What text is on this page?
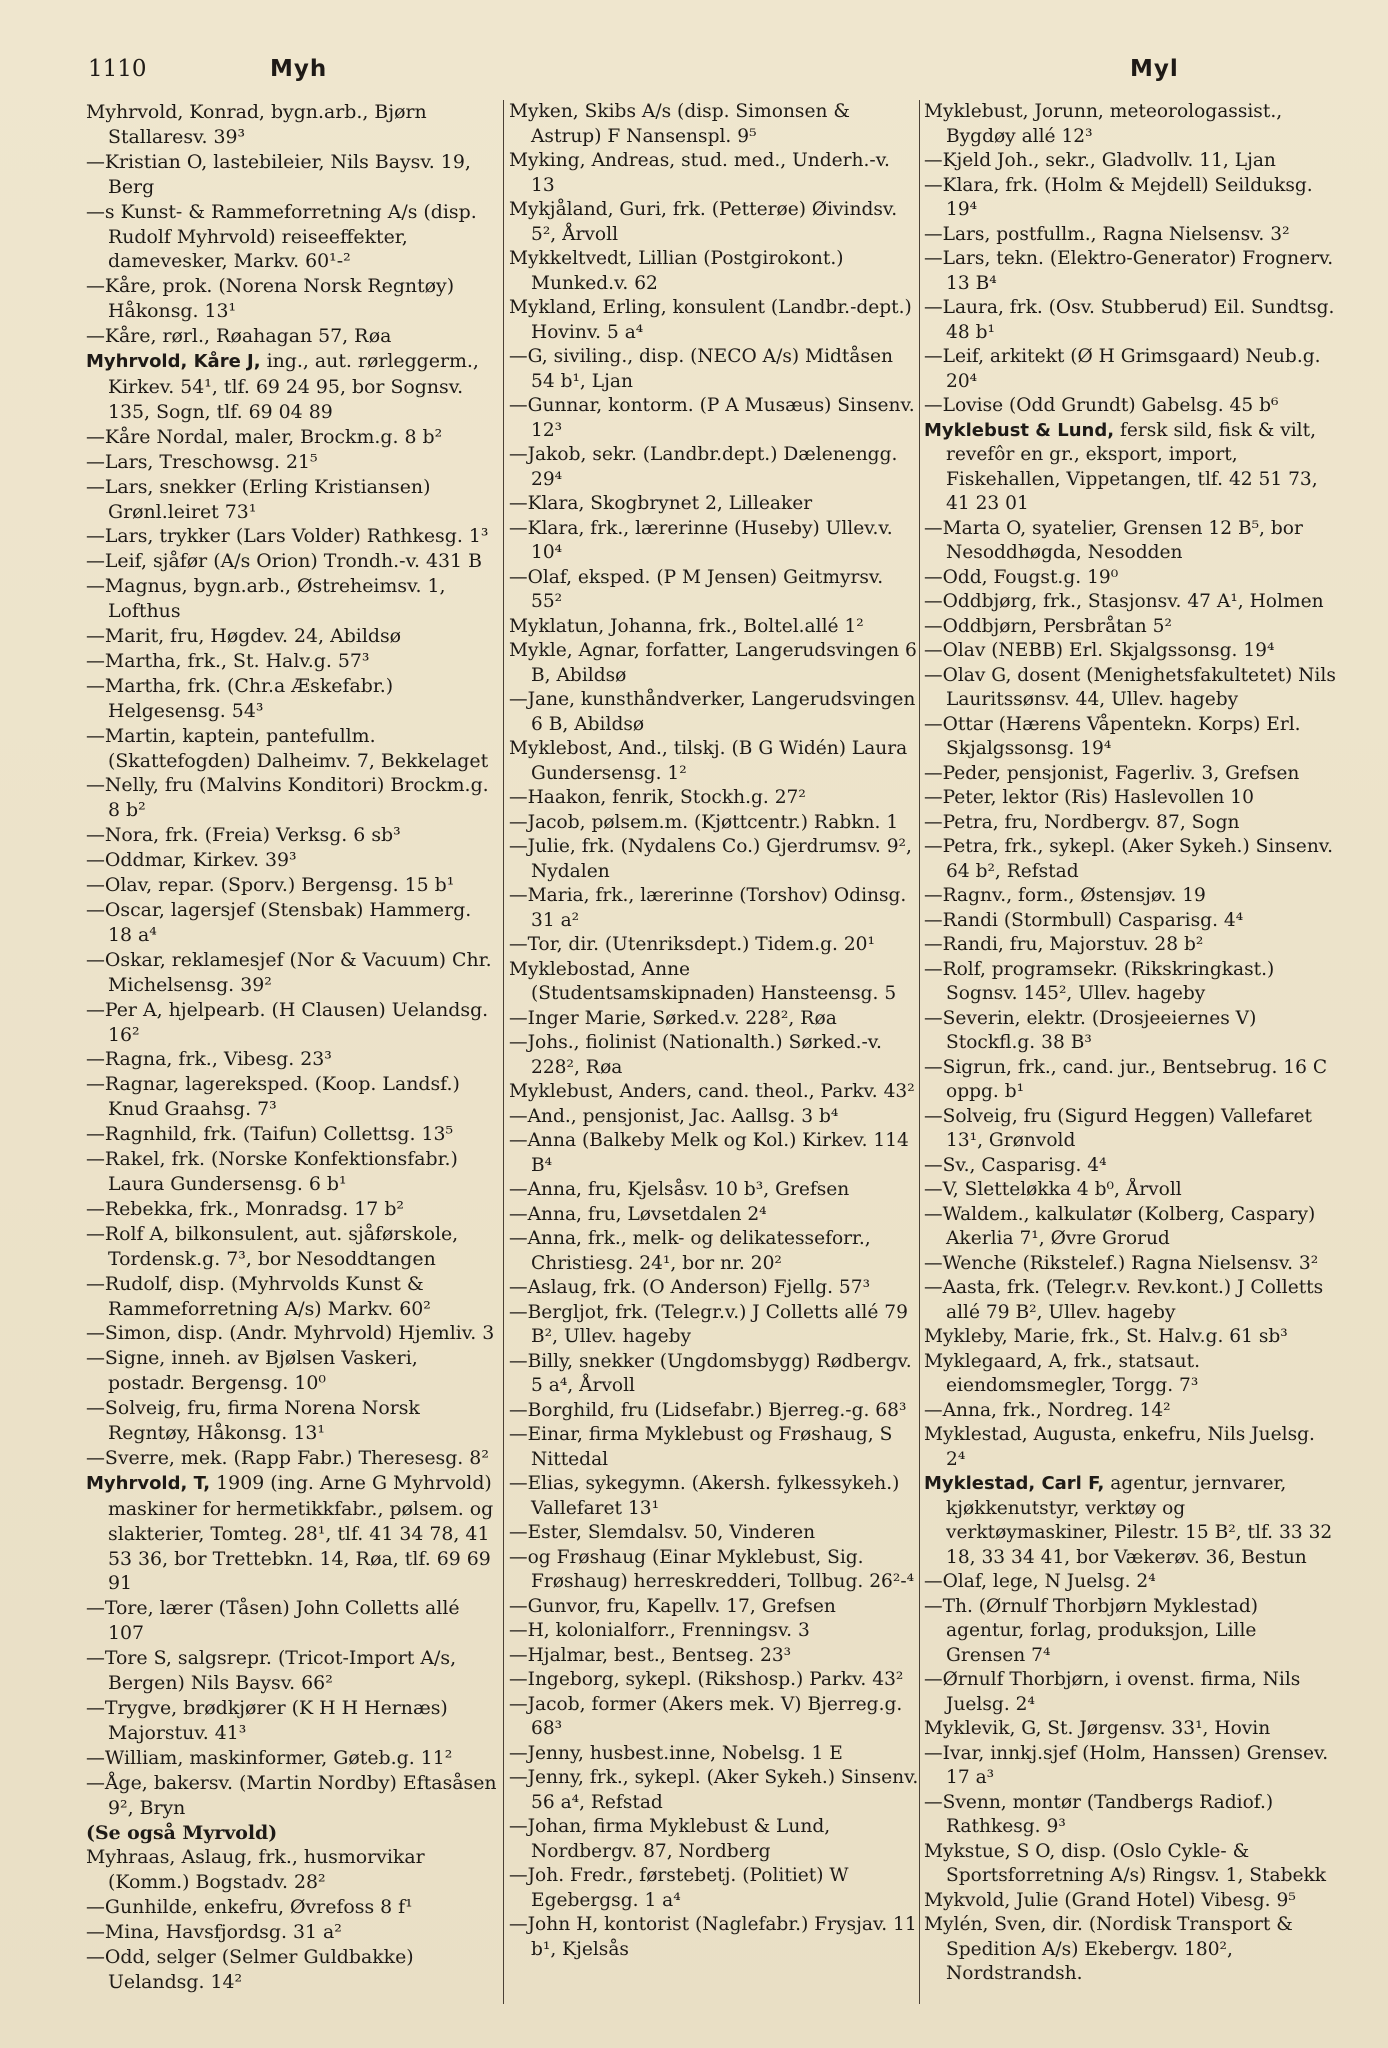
1110	Myh	Myl
Myhrvold, Konrad, bygn.arb., Bjørn Stallaresv. 39³
—Kristian O, lastebileier, Nils Baysv. 19, Berg
—s Kunst- & Rammeforretning A/s (disp. Rudolf Myhrvold) reiseeffekter, damevesker, Markv. 60¹-²
—Kåre, prok. (Norena Norsk Regntøy) Håkonsg. 13¹
—Kåre, rørl., Røahagan 57, Røa
Myhrvold, Kåre J, ing., aut. rørleggerm., Kirkev. 54¹, tlf. 69 24 95, bor Sognsv. 135, Sogn, tlf. 69 04 89
—Kåre Nordal, maler, Brockm.g. 8 b²
—Lars, Treschowsg. 21⁵
—Lars, snekker (Erling Kristiansen) Grønl.leiret 73¹
—Lars, trykker (Lars Volder) Rathkesg. 1³
—Leif, sjåfør (A/s Orion) Trondh.-v. 431 B
—Magnus, bygn.arb., Østreheimsv. 1, Lofthus
—Marit, fru, Høgdev. 24, Abildsø
—Martha, frk., St. Halv.g. 57³
—Martha, frk. (Chr.a Æskefabr.) Helgesensg. 54³
—Martin, kaptein, pantefullm. (Skattefogden) Dalheimv. 7, Bekkelaget
—Nelly, fru (Malvins Konditori) Brockm.g. 8 b²
—Nora, frk. (Freia) Verksg. 6 sb³
—Oddmar, Kirkev. 39³
—Olav, repar. (Sporv.) Bergensg. 15 b¹
—Oscar, lagersjef (Stensbak) Hammerg. 18 a⁴
—Oskar, reklamesjef (Nor & Vacuum) Chr. Michelsensg. 39²
—Per A, hjelpearb. (H Clausen) Uelandsg. 16²
—Ragna, frk., Vibesg. 23³
—Ragnar, lagereksped. (Koop. Landsf.) Knud Graahsg. 7³
—Ragnhild, frk. (Taifun) Collettsg. 13⁵
—Rakel, frk. (Norske Konfektionsfabr.) Laura Gundersensg. 6 b¹
—Rebekka, frk., Monradsg. 17 b²
—Rolf A, bilkonsulent, aut. sjåførskole, Tordensk.g. 7³, bor Nesoddtangen
—Rudolf, disp. (Myhrvolds Kunst & Rammeforretning A/s) Markv. 60²
—Simon, disp. (Andr. Myhrvold) Hjemliv. 3
—Signe, inneh. av Bjølsen Vaskeri, postadr. Bergensg. 10⁰
—Solveig, fru, firma Norena Norsk Regntøy, Håkonsg. 13¹
—Sverre, mek. (Rapp Fabr.) Theresesg. 8²
Myhrvold, T, 1909 (ing. Arne G Myhrvold) maskiner for hermetikkfabr., pølsem. og slakterier, Tomteg. 28¹, tlf. 41 34 78, 41 53 36, bor Trettebkn. 14, Røa, tlf. 69 69 91
—Tore, lærer (Tåsen) John Colletts allé 107
—Tore S, salgsrepr. (Tricot-Import A/s, Bergen) Nils Baysv. 66²
—Trygve, brødkjører (K H H Hernæs) Majorstuv. 41³
—William, maskinformer, Gøteb.g. 11²
—Åge, bakersv. (Martin Nordby) Eftasåsen 9², Bryn
(Se også Myrvold)
Myhraas, Aslaug, frk., husmorvikar (Komm.) Bogstadv. 28²
—Gunhilde, enkefru, Øvrefoss 8 f¹
—Mina, Havsfjordsg. 31 a²
—Odd, selger (Selmer Guldbakke) Uelandsg. 14²
Myken, Skibs A/s (disp. Simonsen & Astrup) F Nansenspl. 9⁵
Myking, Andreas, stud. med., Underh.-v. 13
Mykjåland, Guri, frk. (Petterøe) Øivindsv. 5², Årvoll
Mykkeltvedt, Lillian (Postgirokont.) Munked.v. 62
Mykland, Erling, konsulent (Landbr.-dept.) Hovinv. 5 a⁴
—G, siviling., disp. (NECO A/s) Midtåsen 54 b¹, Ljan
—Gunnar, kontorm. (P A Musæus) Sinsenv. 12³
—Jakob, sekr. (Landbr.dept.) Dælenengg. 29⁴
—Klara, Skogbrynet 2, Lilleaker
—Klara, frk., lærerinne (Huseby) Ullev.v. 10⁴
—Olaf, eksped. (P M Jensen) Geitmyrsv. 55²
Myklatun, Johanna, frk., Boltel.allé 1²
Mykle, Agnar, forfatter, Langerudsvingen 6 B, Abildsø
—Jane, kunsthåndverker, Langerudsvingen 6 B, Abildsø
Myklebost, And., tilskj. (B G Widén) Laura Gundersensg. 1²
—Haakon, fenrik, Stockh.g. 27²
—Jacob, pølsem.m. (Kjøttcentr.) Rabkn. 1
—Julie, frk. (Nydalens Co.) Gjerdrumsv. 9², Nydalen
—Maria, frk., lærerinne (Torshov) Odinsg. 31 a²
—Tor, dir. (Utenriksdept.) Tidem.g. 20¹
Myklebostad, Anne (Studentsamskipnaden) Hansteensg. 5
—Inger Marie, Sørked.v. 228², Røa
—Johs., fiolinist (Nationalth.) Sørked.-v. 228², Røa
Myklebust, Anders, cand. theol., Parkv. 43²
—And., pensjonist, Jac. Aallsg. 3 b⁴
—Anna (Balkeby Melk og Kol.) Kirkev. 114 B⁴
—Anna, fru, Kjelsåsv. 10 b³, Grefsen
—Anna, fru, Løvsetdalen 2⁴
—Anna, frk., melk- og delikatesseforr., Christiesg. 24¹, bor nr. 20²
—Aslaug, frk. (O Anderson) Fjellg. 57³
—Bergljot, frk. (Telegr.v.) J Colletts allé 79 B², Ullev. hageby
—Billy, snekker (Ungdomsbygg) Rødbergv. 5 a⁴, Årvoll
—Borghild, fru (Lidsefabr.) Bjerreg.-g. 68³
—Einar, firma Myklebust og Frøshaug, S Nittedal
—Elias, sykegymn. (Akersh. fylkessykeh.) Vallefaret 13¹
—Ester, Slemdalsv. 50, Vinderen
—og Frøshaug (Einar Myklebust, Sig. Frøshaug) herreskredderi, Tollbug. 26²-⁴
—Gunvor, fru, Kapellv. 17, Grefsen
—H, kolonialforr., Frenningsv. 3
—Hjalmar, best., Bentseg. 23³
—Ingeborg, sykepl. (Rikshosp.) Parkv. 43²
—Jacob, former (Akers mek. V) Bjerreg.g. 68³
—Jenny, husbest.inne, Nobelsg. 1 E
—Jenny, frk., sykepl. (Aker Sykeh.) Sinsenv. 56 a⁴, Refstad
—Johan, firma Myklebust & Lund, Nordbergv. 87, Nordberg
—Joh. Fredr., førstebetj. (Politiet) W Egebergsg. 1 a⁴
—John H, kontorist (Naglefabr.) Frysjav. 11 b¹, Kjelsås
Myklebust, Jorunn, meteorologassist., Bygdøy allé 12³
—Kjeld Joh., sekr., Gladvollv. 11, Ljan
—Klara, frk. (Holm & Mejdell) Seilduksg. 19⁴
—Lars, postfullm., Ragna Nielsensv. 3²
—Lars, tekn. (Elektro-Generator) Frognerv. 13 B⁴
—Laura, frk. (Osv. Stubberud) Eil. Sundtsg. 48 b¹
—Leif, arkitekt (Ø H Grimsgaard) Neub.g. 20⁴
—Lovise (Odd Grundt) Gabelsg. 45 b⁶
Myklebust & Lund, fersk sild, fisk & vilt, revefôr en gr., eksport, import, Fiskehallen, Vippetangen, tlf. 42 51 73, 41 23 01
—Marta O, syatelier, Grensen 12 B⁵, bor Nesoddhøgda, Nesodden
—Odd, Fougst.g. 19⁰
—Oddbjørg, frk., Stasjonsv. 47 A¹, Holmen
—Oddbjørn, Persbråtan 5²
—Olav (NEBB) Erl. Skjalgssonsg. 19⁴
—Olav G, dosent (Menighetsfakultetet) Nils Lauritssønsv. 44, Ullev. hageby
—Ottar (Hærens Våpentekn. Korps) Erl. Skjalgssonsg. 19⁴
—Peder, pensjonist, Fagerliv. 3, Grefsen
—Peter, lektor (Ris) Haslevollen 10
—Petra, fru, Nordbergv. 87, Sogn
—Petra, frk., sykepl. (Aker Sykeh.) Sinsenv. 64 b², Refstad
—Ragnv., form., Østensjøv. 19
—Randi (Stormbull) Casparisg. 4⁴
—Randi, fru, Majorstuv. 28 b²
—Rolf, programsekr. (Rikskringkast.) Sognsv. 145², Ullev. hageby
—Severin, elektr. (Drosjeeiernes V) Stockfl.g. 38 B³
—Sigrun, frk., cand. jur., Bentsebrug. 16 C oppg. b¹
—Solveig, fru (Sigurd Heggen) Vallefaret 13¹, Grønvold
—Sv., Casparisg. 4⁴
—V, Sletteløkka 4 b⁰, Årvoll
—Waldem., kalkulatør (Kolberg, Caspary) Akerlia 7¹, Øvre Grorud
—Wenche (Rikstelef.) Ragna Nielsensv. 3²
—Aasta, frk. (Telegr.v. Rev.kont.) J Colletts allé 79 B², Ullev. hageby
Mykleby, Marie, frk., St. Halv.g. 61 sb³
Myklegaard, A, frk., statsaut. eiendomsmegler, Torgg. 7³
—Anna, frk., Nordreg. 14²
Myklestad, Augusta, enkefru, Nils Juelsg. 2⁴
Myklestad, Carl F, agentur, jernvarer, kjøkkenutstyr, verktøy og verktøymaskiner, Pilestr. 15 B², tlf. 33 32 18, 33 34 41, bor Vækerøv. 36, Bestun
—Olaf, lege, N Juelsg. 2⁴
—Th. (Ørnulf Thorbjørn Myklestad) agentur, forlag, produksjon, Lille Grensen 7⁴
—Ørnulf Thorbjørn, i ovenst. firma, Nils Juelsg. 2⁴
Myklevik, G, St. Jørgensv. 33¹, Hovin
—Ivar, innkj.sjef (Holm, Hanssen) Grensev. 17 a³
—Svenn, montør (Tandbergs Radiof.) Rathkesg. 9³
Mykstue, S O, disp. (Oslo Cykle- & Sportsforretning A/s) Ringsv. 1, Stabekk
Mykvold, Julie (Grand Hotel) Vibesg. 9⁵
Mylén, Sven, dir. (Nordisk Transport & Spedition A/s) Ekebergv. 180², Nordstrandsh.
